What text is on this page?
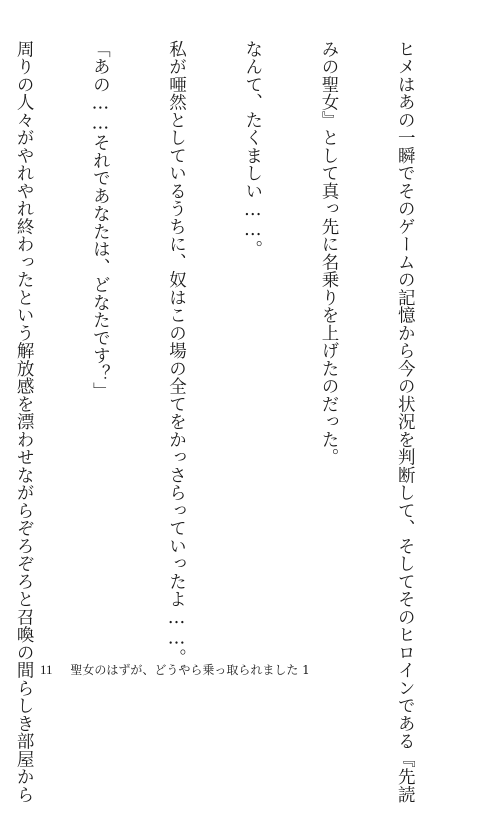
ヒメはあの一瞬でそのゲームの記憶から今の状況を判断して、そしてそのヒロインである『先読

みの聖女』として真っ先に名乗りを上げたのだった。

なんて、たくましい……。

私が唖然としているうちに、奴はこの場の全てをかっさらっていったよ……。

「あの……それであなたは、どなたです？」

周りの人々がやれやれ終わったという解放感を漂わせながらぞろぞろと召喚の間らしき部屋から

11 聖女のはずが、どうやら乗っ取られました 1
